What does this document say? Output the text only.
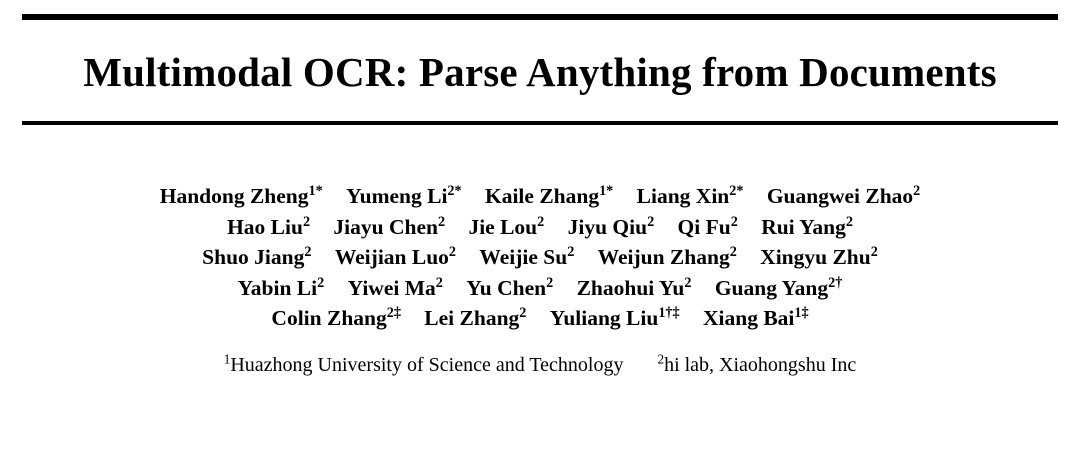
Multimodal OCR: Parse Anything from Documents
Handong Zheng$^{1*}$ Yumeng $Li^{2*}$ Kaile Zhang$^{1*}$ Liang Xin$^{2*}$ Guangwei Zhao$^2$
Hao Liu$^2$ Jiayu Chen$^2$ Jie Lou$^2$ Jiyu Qiu$^2$ Qi Fu$^2$ Rui Yang$^2$
Shuo Jiang$^2$ Weijian Luo$^2$ Weijie Su$^2$ Weijun Zhang$^2$ Xingyu Zhu$^2$
Yabin Li$^2$ Yiwei Ma$^2$ Yu Chen$^2$ Zhaohui Yu$^2$ Guang Yang$^{2\dagger}$
Colin Zhang$^{2\ddagger}$ Lei Zhang$^2$ Yuliang Liu$^{1\dagger\ddagger}$ Xiang Bai$^{1\ddagger}$
$^1$Huazhong University of Science and Technology	$^2$hi lab, Xiaohongshu Inc
